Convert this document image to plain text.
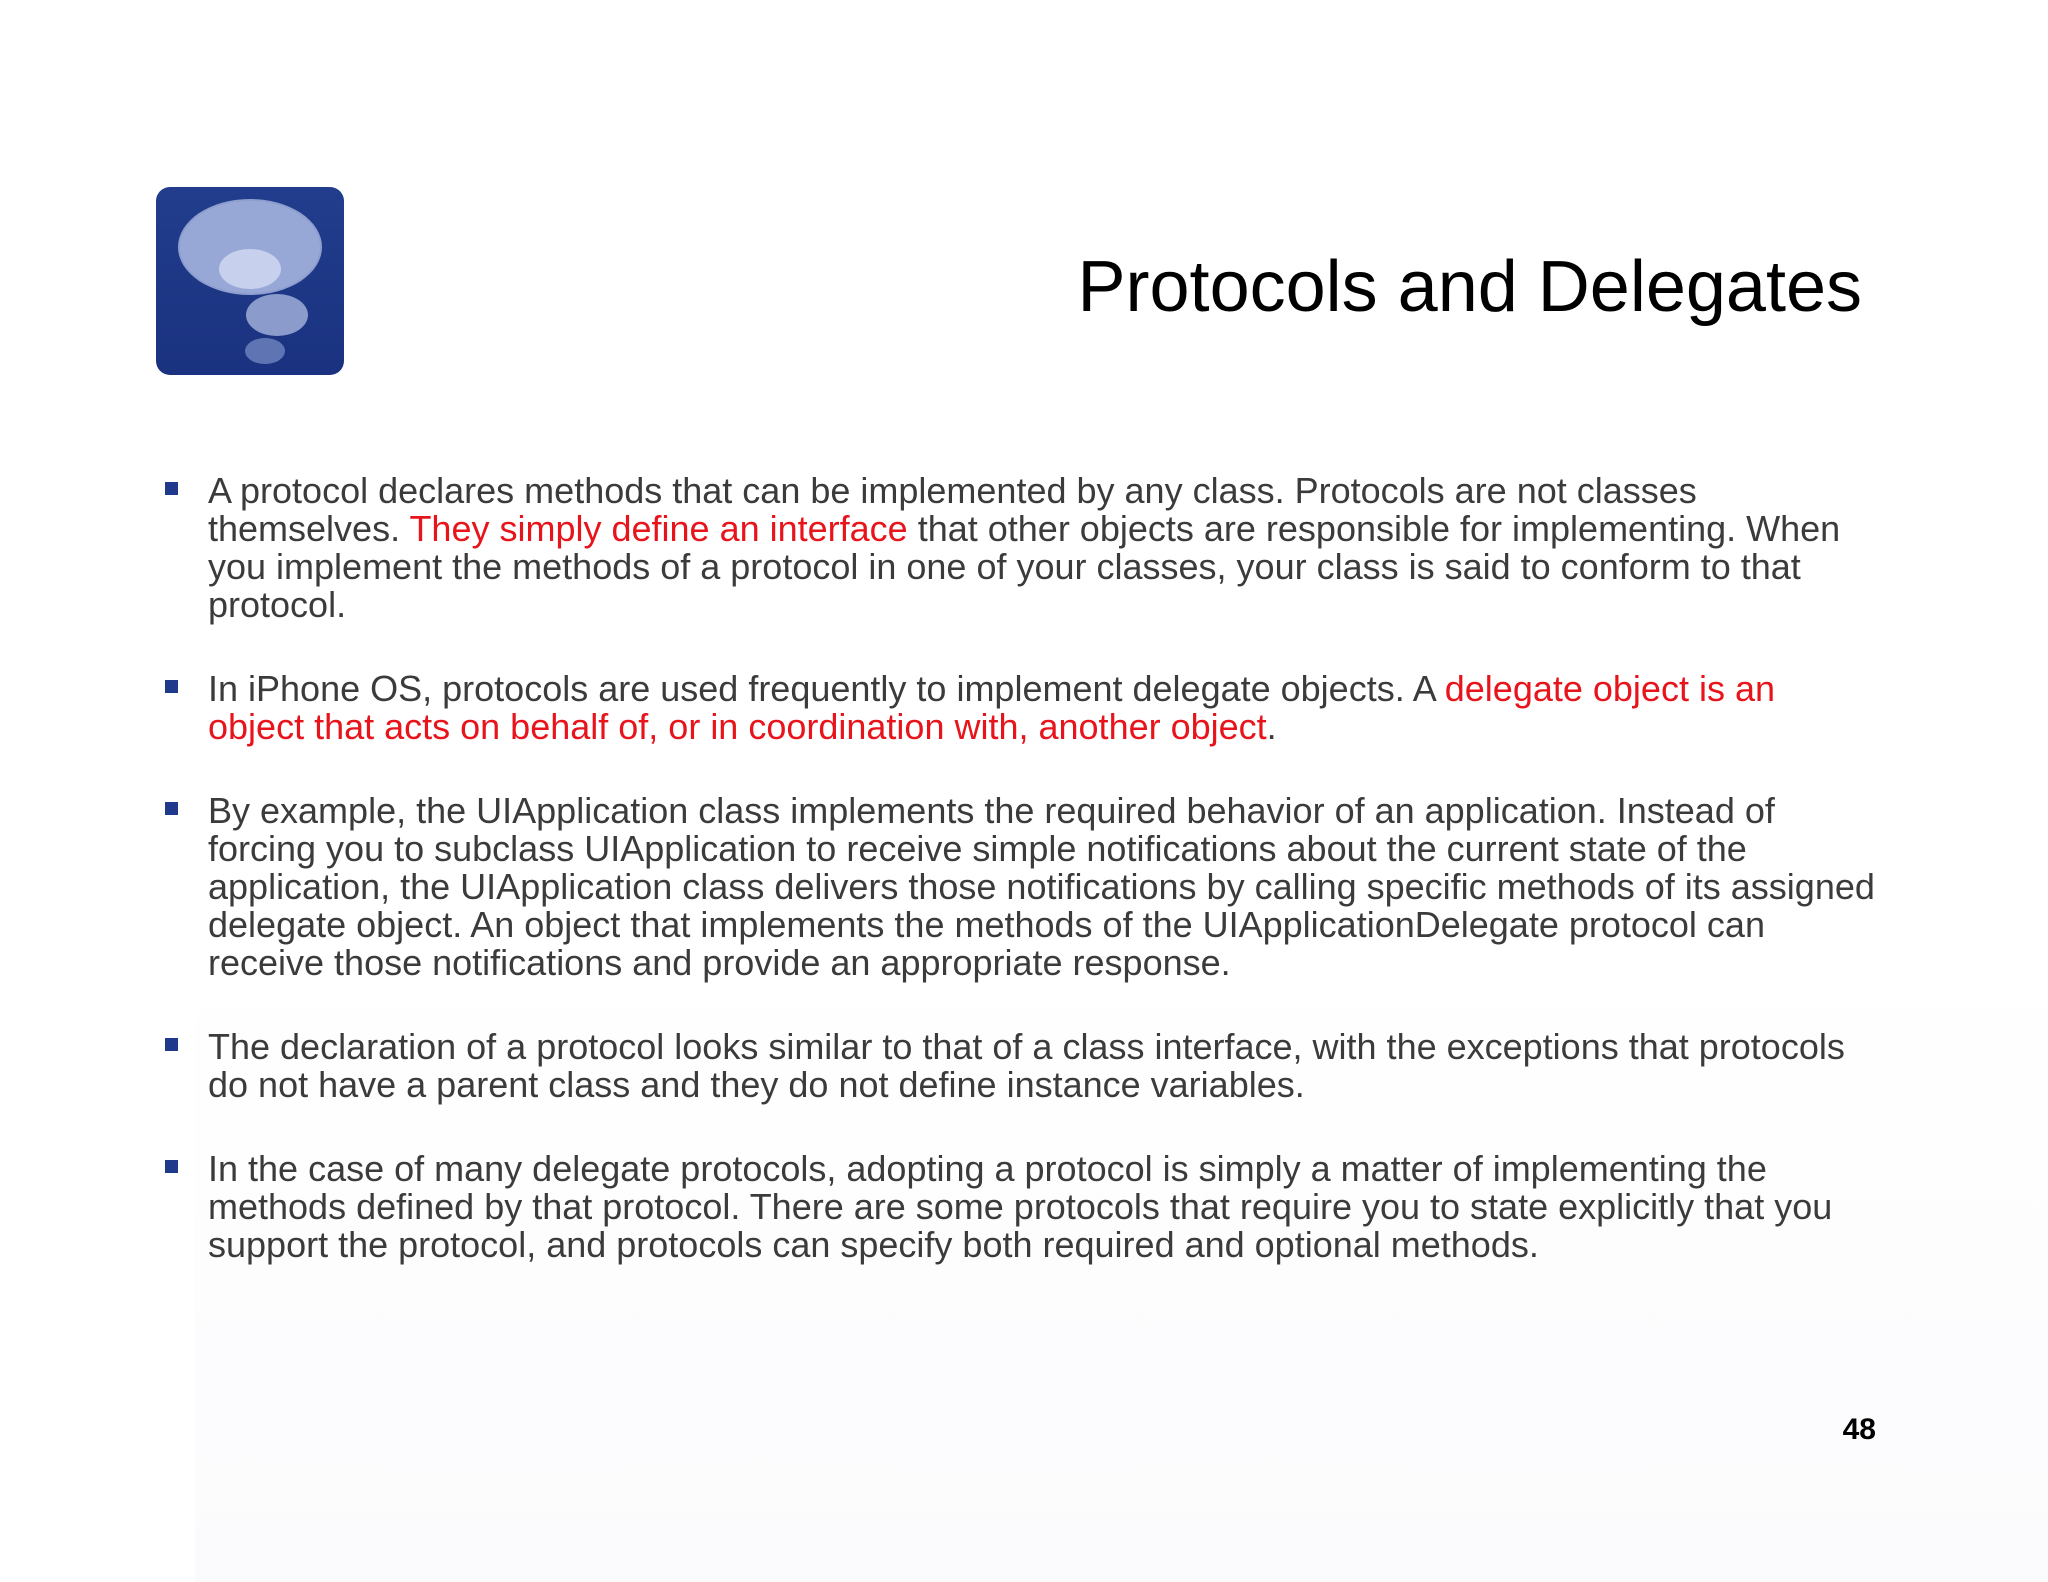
Protocols and Delegates
A protocol declares methods that can be implemented by any class. Protocols are not classes themselves. They simply define an interface that other objects are responsible for implementing. When you implement the methods of a protocol in one of your classes, your class is said to conform to that protocol.
In iPhone OS, protocols are used frequently to implement delegate objects. A delegate object is an object that acts on behalf of, or in coordination with, another object.
By example, the UIApplication class implements the required behavior of an application. Instead of forcing you to subclass UIApplication to receive simple notifications about the current state of the application, the UIApplication class delivers those notifications by calling specific methods of its assigned delegate object. An object that implements the methods of the UIApplicationDelegate protocol can receive those notifications and provide an appropriate response.
The declaration of a protocol looks similar to that of a class interface, with the exceptions that protocols do not have a parent class and they do not define instance variables.
In the case of many delegate protocols, adopting a protocol is simply a matter of implementing the methods defined by that protocol. There are some protocols that require you to state explicitly that you support the protocol, and protocols can specify both required and optional methods.
48
